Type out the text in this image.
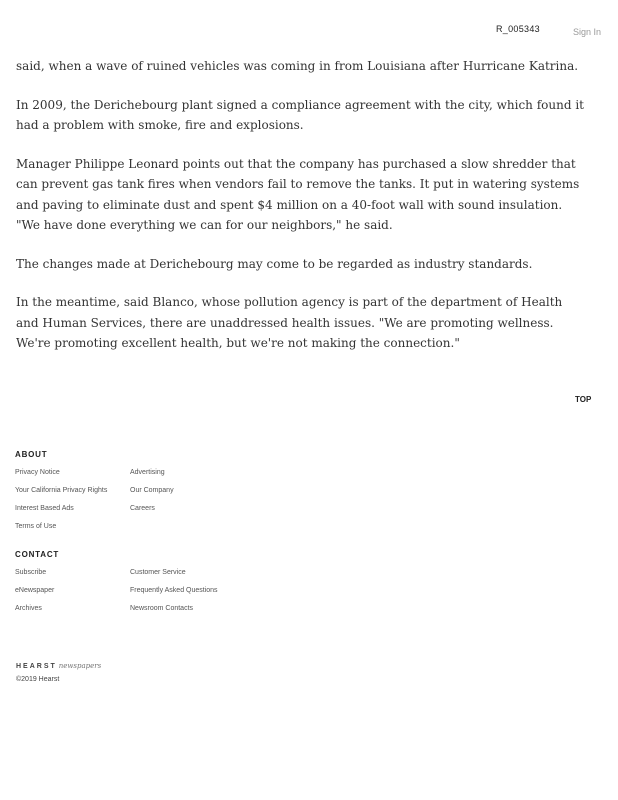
R_005343	Sign In

said, when a wave of ruined vehicles was coming in from Louisiana after Hurricane Katrina.

In 2009, the Derichebourg plant signed a compliance agreement with the city, which found it had a problem with smoke, fire and explosions.

Manager Philippe Leonard points out that the company has purchased a slow shredder that can prevent gas tank fires when vendors fail to remove the tanks. It put in watering systems and paving to eliminate dust and spent $4 million on a 40-foot wall with sound insulation. "We have done everything we can for our neighbors," he said.

The changes made at Derichebourg may come to be regarded as industry standards.

In the meantime, said Blanco, whose pollution agency is part of the department of Health and Human Services, there are unaddressed health issues. "We are promoting wellness. We're promoting excellent health, but we're not making the connection."

TOP
ABOUT
Privacy Notice	Advertising
Your California Privacy Rights	Our Company
Interest Based Ads	Careers
Terms of Use
CONTACT
Subscribe	Customer Service
eNewspaper	Frequently Asked Questions
Archives	Newsroom Contacts
HEARST newspapers
©2019 Hearst
